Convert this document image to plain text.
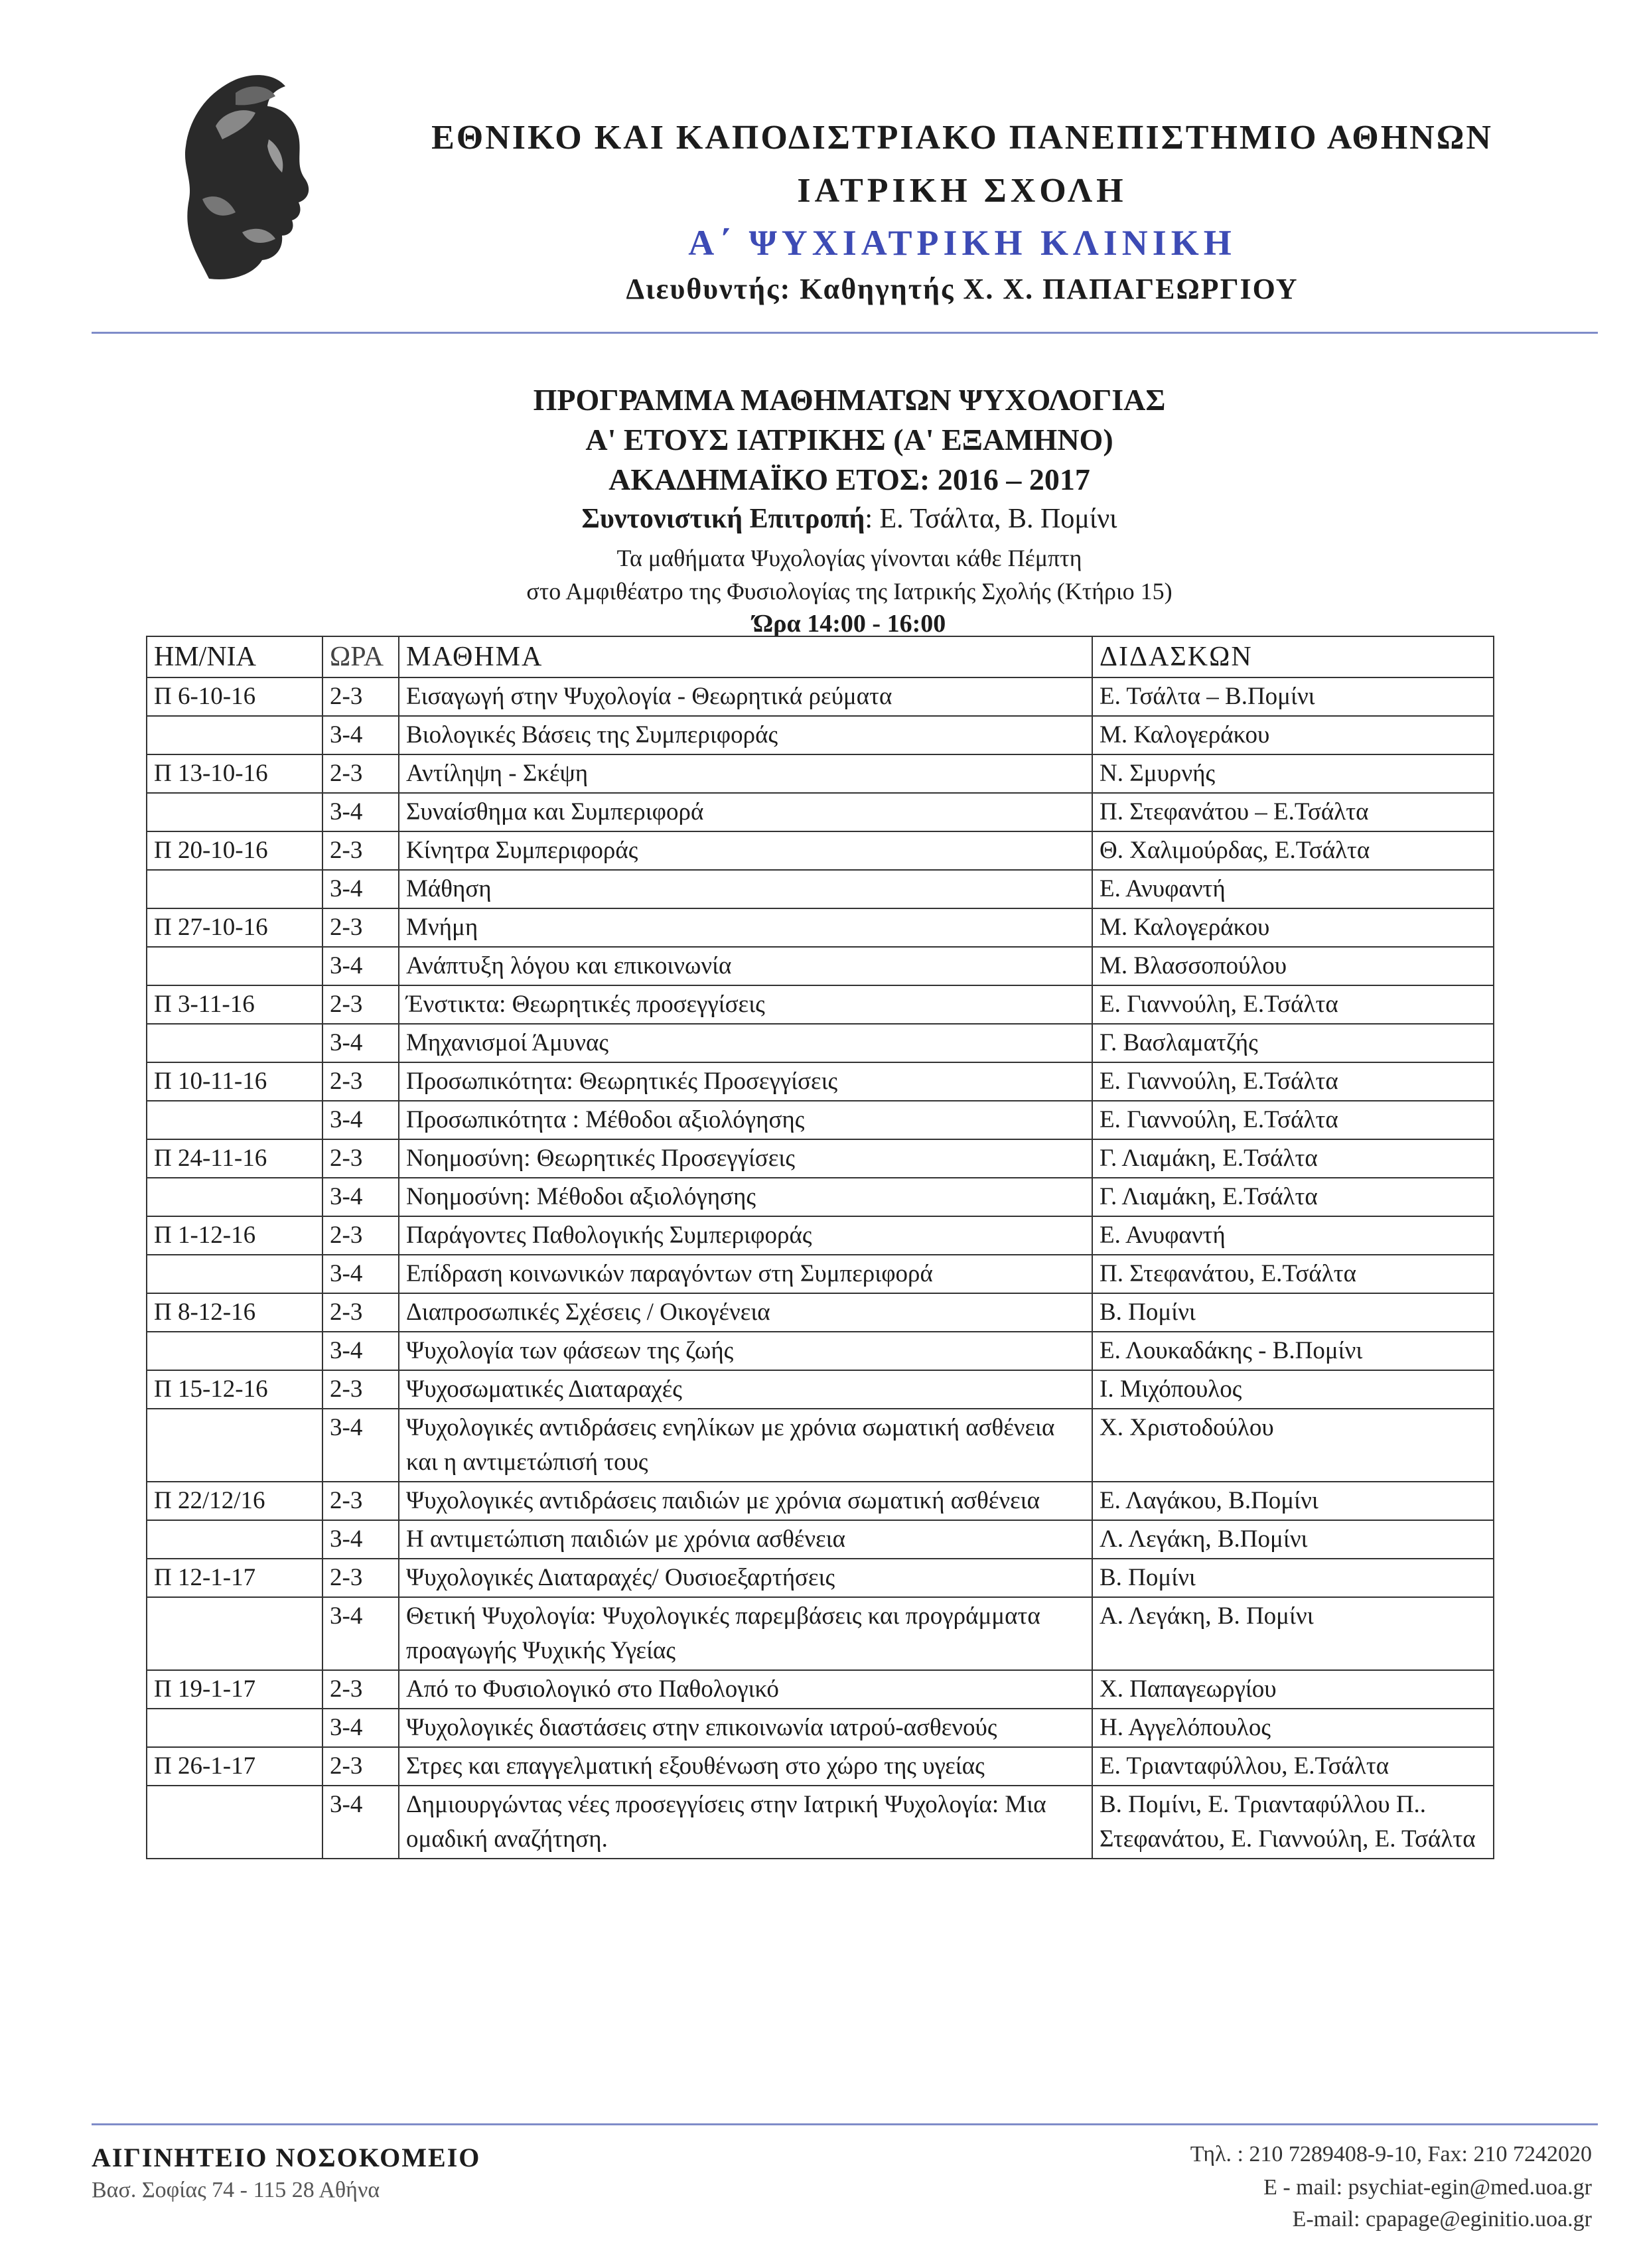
ΕΘΝΙΚΟ ΚΑΙ ΚΑΠΟΔΙΣΤΡΙΑΚΟ ΠΑΝΕΠΙΣΤΗΜΙΟ ΑΘΗΝΩΝ
ΙΑΤΡΙΚΗ ΣΧΟΛΗ
Α΄ ΨΥΧΙΑΤΡΙΚΗ ΚΛΙΝΙΚΗ
Διευθυντής: Καθηγητής Χ. Χ. ΠΑΠΑΓΕΩΡΓΙΟΥ
ΠΡΟΓΡΑΜΜΑ ΜΑΘΗΜΑΤΩΝ ΨΥΧΟΛΟΓΙΑΣ
Α' ΕΤΟΥΣ ΙΑΤΡΙΚΗΣ (Α' ΕΞΑΜΗΝΟ)
ΑΚΑΔΗΜΑΪΚΟ ΕΤΟΣ: 2016 – 2017
Συντονιστική Επιτροπή: Ε. Τσάλτα, Β. Πομίνι
Τα μαθήματα Ψυχολογίας γίνονται κάθε Πέμπτη
στο Αμφιθέατρο της Φυσιολογίας της Ιατρικής Σχολής (Κτήριο 15)
Ώρα 14:00 - 16:00
ΗΜ/ΝΙΑ	ΩΡΑ	ΜΑΘΗΜΑ	ΔΙΔΑΣΚΩΝ
Π 6-10-16	2-3	Εισαγωγή στην Ψυχολογία - Θεωρητικά ρεύματα	Ε. Τσάλτα – Β.Πομίνι
	3-4	Βιολογικές Βάσεις της Συμπεριφοράς	Μ. Καλογεράκου
Π 13-10-16	2-3	Αντίληψη - Σκέψη	Ν. Σμυρνής
	3-4	Συναίσθημα και Συμπεριφορά	Π. Στεφανάτου – Ε.Τσάλτα
Π 20-10-16	2-3	Κίνητρα Συμπεριφοράς	Θ. Χαλιμούρδας, Ε.Τσάλτα
	3-4	Μάθηση	Ε. Ανυφαντή
Π 27-10-16	2-3	Μνήμη	Μ. Καλογεράκου
	3-4	Ανάπτυξη λόγου και επικοινωνία	Μ. Βλασσοπούλου
Π 3-11-16	2-3	Ένστικτα: Θεωρητικές προσεγγίσεις	Ε. Γιαννούλη, Ε.Τσάλτα
	3-4	Μηχανισμοί Άμυνας	Γ. Βασλαματζής
Π 10-11-16	2-3	Προσωπικότητα: Θεωρητικές Προσεγγίσεις	Ε. Γιαννούλη, Ε.Τσάλτα
	3-4	Προσωπικότητα : Μέθοδοι αξιολόγησης	Ε. Γιαννούλη, Ε.Τσάλτα
Π 24-11-16	2-3	Νοημοσύνη: Θεωρητικές Προσεγγίσεις	Γ. Λιαμάκη, Ε.Τσάλτα
	3-4	Νοημοσύνη: Μέθοδοι αξιολόγησης	Γ. Λιαμάκη, Ε.Τσάλτα
Π 1-12-16	2-3	Παράγοντες Παθολογικής Συμπεριφοράς	Ε. Ανυφαντή
	3-4	Επίδραση κοινωνικών παραγόντων στη Συμπεριφορά	Π. Στεφανάτου, Ε.Τσάλτα
Π 8-12-16	2-3	Διαπροσωπικές Σχέσεις / Οικογένεια	Β. Πομίνι
	3-4	Ψυχολογία των φάσεων της ζωής	Ε. Λουκαδάκης - Β.Πομίνι
Π 15-12-16	2-3	Ψυχοσωματικές Διαταραχές	Ι. Μιχόπουλος
	3-4	Ψυχολογικές αντιδράσεις ενηλίκων με χρόνια σωματική ασθένεια και η αντιμετώπισή τους	Χ. Χριστοδούλου
Π 22/12/16	2-3	Ψυχολογικές αντιδράσεις παιδιών με χρόνια σωματική ασθένεια	Ε. Λαγάκου, Β.Πομίνι
	3-4	Η αντιμετώπιση παιδιών με χρόνια ασθένεια	Λ. Λεγάκη, Β.Πομίνι
Π 12-1-17	2-3	Ψυχολογικές Διαταραχές/ Ουσιοεξαρτήσεις	Β. Πομίνι
	3-4	Θετική Ψυχολογία: Ψυχολογικές παρεμβάσεις και προγράμματα προαγωγής Ψυχικής Υγείας	Α. Λεγάκη, Β. Πομίνι
Π 19-1-17	2-3	Από το Φυσιολογικό στο Παθολογικό	Χ. Παπαγεωργίου
	3-4	Ψυχολογικές διαστάσεις στην επικοινωνία ιατρού-ασθενούς	Η. Αγγελόπουλος
Π 26-1-17	2-3	Στρες και επαγγελματική εξουθένωση στο χώρο της υγείας	Ε. Τριανταφύλλου, Ε.Τσάλτα
	3-4	Δημιουργώντας νέες προσεγγίσεις στην Ιατρική Ψυχολογία: Μια ομαδική αναζήτηση.	Β. Πομίνι, Ε. Τριανταφύλλου Π.. Στεφανάτου, Ε. Γιαννούλη, Ε. Τσάλτα
ΑΙΓΙΝΗΤΕΙΟ ΝΟΣΟΚΟΜΕΙΟ
Βασ. Σοφίας 74 - 115 28 Αθήνα
Τηλ. : 210 7289408-9-10, Fax: 210 7242020
E - mail: psychiat-egin@med.uoa.gr
E-mail: cpapage@eginitio.uoa.gr
